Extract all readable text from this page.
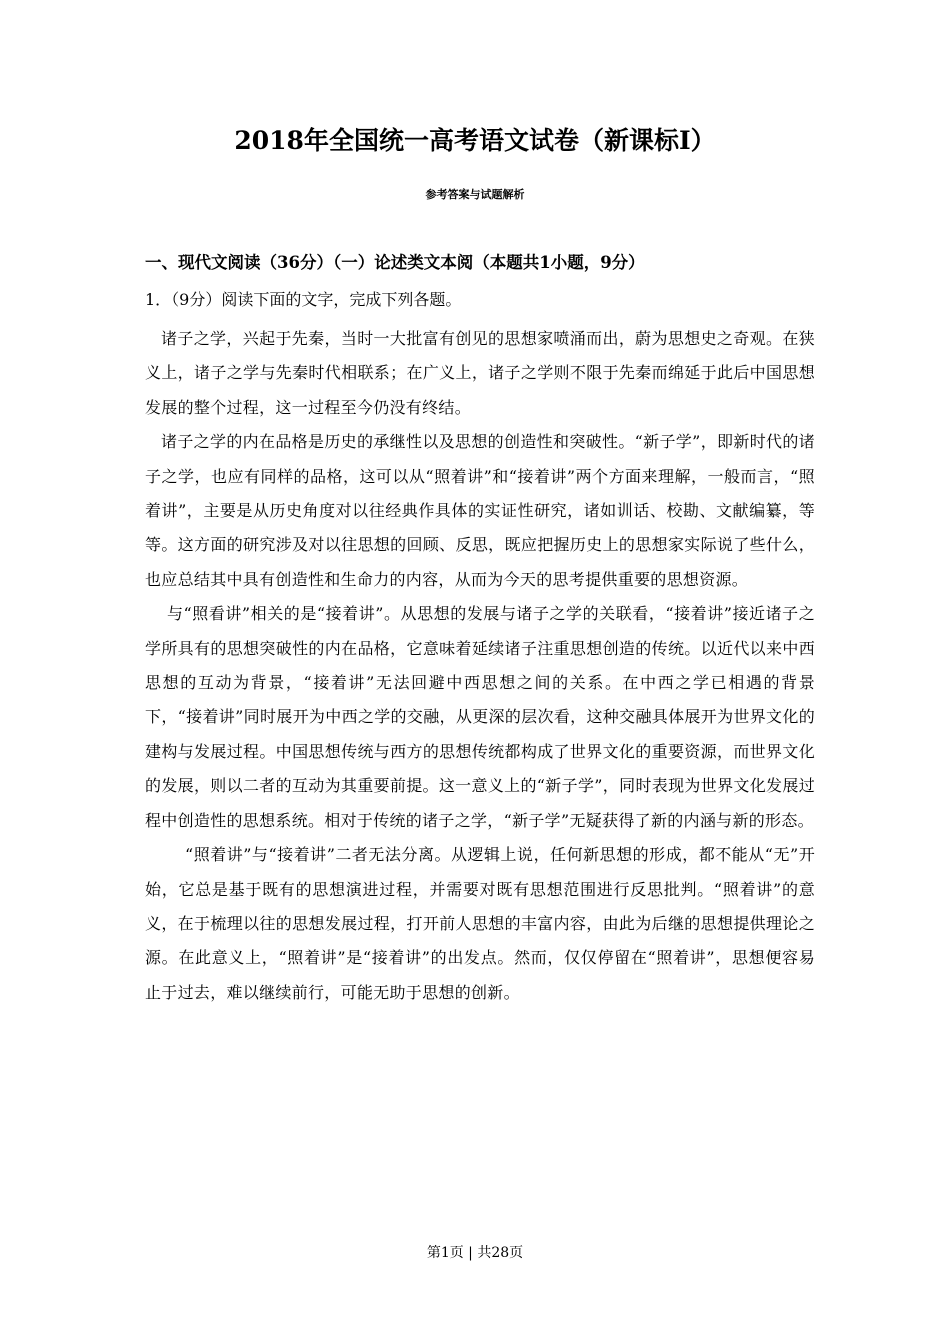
2018年全国统一高考语文试卷（新课标Ⅰ）
参考答案与试题解析
一、现代文阅读（36分）（一）论述类文本阅（本题共1小题，9分）
1．（9分）阅读下面的文字，完成下列各题。

诸子之学，兴起于先秦，当时一大批富有创见的思想家喷涌而出，蔚为思想史之奇观。在狭义上，诸子之学与先秦时代相联系；在广义上，诸子之学则不限于先秦而绵延于此后中国思想发展的整个过程，这一过程至今仍没有终结。

诸子之学的内在品格是历史的承继性以及思想的创造性和突破性。“新子学”，即新时代的诸子之学，也应有同样的品格，这可以从“照着讲”和“接着讲”两个方面来理解，一般而言，“照着讲”，主要是从历史角度对以往经典作具体的实证性研究，诸如训话、校勘、文献编纂，等等。这方面的研究涉及对以往思想的回顾、反思，既应把握历史上的思想家实际说了些什么，也应总结其中具有创造性和生命力的内容，从而为今天的思考提供重要的思想资源。

与“照看讲”相关的是“接着讲”。从思想的发展与诸子之学的关联看，“接着讲”接近诸子之学所具有的思想突破性的内在品格，它意味着延续诸子注重思想创造的传统。以近代以来中西思想的互动为背景，“接着讲”无法回避中西思想之间的关系。在中西之学已相遇的背景下，“接着讲”同时展开为中西之学的交融，从更深的层次看，这种交融具体展开为世界文化的建构与发展过程。中国思想传统与西方的思想传统都构成了世界文化的重要资源，而世界文化的发展，则以二者的互动为其重要前提。这一意义上的“新子学”，同时表现为世界文化发展过程中创造性的思想系统。相对于传统的诸子之学，“新子学”无疑获得了新的内涵与新的形态。

“照着讲”与“接着讲”二者无法分离。从逻辑上说，任何新思想的形成，都不能从“无”开始，它总是基于既有的思想演进过程，并需要对既有思想范围进行反思批判。“照着讲”的意义，在于梳理以往的思想发展过程，打开前人思想的丰富内容，由此为后继的思想提供理论之源。在此意义上，“照着讲”是“接着讲”的出发点。然而，仅仅停留在“照着讲”，思想便容易止于过去，难以继续前行，可能无助于思想的创新。

第1页 | 共28页
